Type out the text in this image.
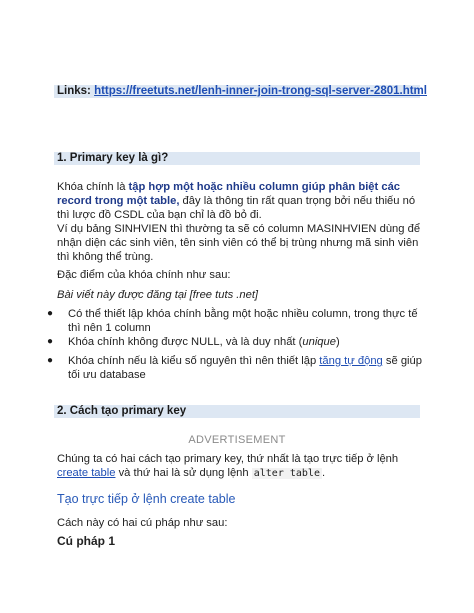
Links: https://freetuts.net/lenh-inner-join-trong-sql-server-2801.html
1. Primary key là gì?
Khóa chính là tập hợp một hoặc nhiều column giúp phân biệt các record trong một table, đây là thông tin rất quan trọng bởi nếu thiếu nó thì lược đồ CSDL của bạn chỉ là đồ bỏ đi.
Ví dụ bảng SINHVIEN thì thường ta sẽ có column MASINHVIEN dùng để nhận diện các sinh viên, tên sinh viên có thể bị trùng nhưng mã sinh viên thì không thể trùng.
Đặc điểm của khóa chính như sau:
Bài viết này được đăng tại [free tuts .net]
● Có thể thiết lập khóa chính bằng một hoặc nhiều column, trong thực tế thì nên 1 column
● Khóa chính không được NULL, và là duy nhất (unique)
● Khóa chính nếu là kiểu số nguyên thì nên thiết lập tăng tự động sẽ giúp tối ưu database
2. Cách tạo primary key
ADVERTISEMENT
Chúng ta có hai cách tạo primary key, thứ nhất là tạo trực tiếp ở lệnh create table và thứ hai là sử dụng lệnh alter table .
Tạo trực tiếp ở lệnh create table
Cách này có hai cú pháp như sau:
Cú pháp 1
